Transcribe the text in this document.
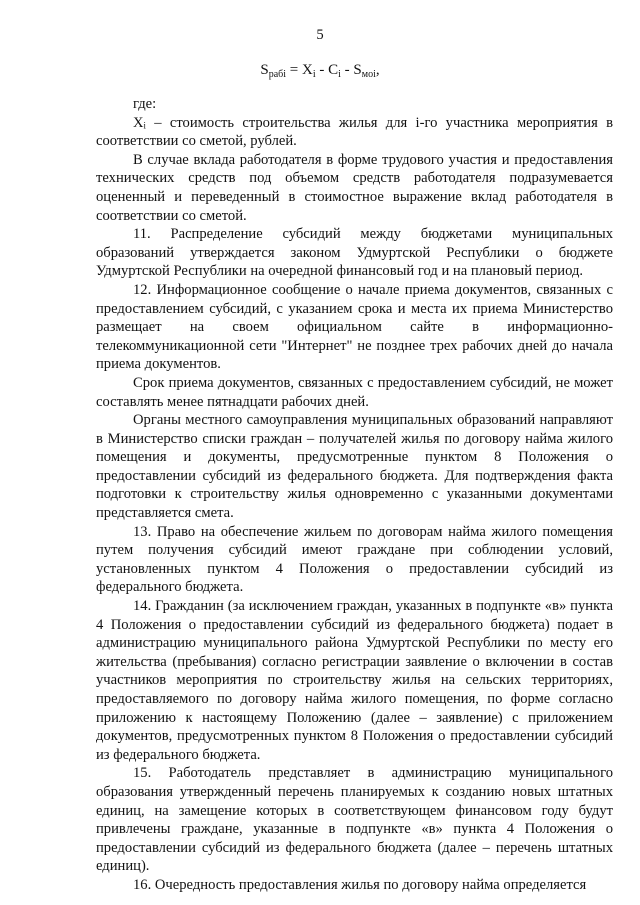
5
$S_{рабi} = X_i - C_i - S_{моi}$,

где:

Xᵢ – стоимость строительства жилья для i-го участника мероприятия в соответствии со сметой, рублей.

В случае вклада работодателя в форме трудового участия и предоставления технических средств под объемом средств работодателя подразумевается оцененный и переведенный в стоимостное выражение вклад работодателя в соответствии со сметой.

11. Распределение субсидий между бюджетами муниципальных образований утверждается законом Удмуртской Республики о бюджете Удмуртской Республики на очередной финансовый год и на плановый период.

12. Информационное сообщение о начале приема документов, связанных с предоставлением субсидий, с указанием срока и места их приема Министерство размещает на своем официальном сайте в информационно-телекоммуникационной сети "Интернет" не позднее трех рабочих дней до начала приема документов.

Срок приема документов, связанных с предоставлением субсидий, не может составлять менее пятнадцати рабочих дней.

Органы местного самоуправления муниципальных образований направляют в Министерство списки граждан – получателей жилья по договору найма жилого помещения и документы, предусмотренные пунктом 8 Положения о предоставлении субсидий из федерального бюджета. Для подтверждения факта подготовки к строительству жилья одновременно с указанными документами представляется смета.

13. Право на обеспечение жильем по договорам найма жилого помещения путем получения субсидий имеют граждане при соблюдении условий, установленных пунктом 4 Положения о предоставлении субсидий из федерального бюджета.

14. Гражданин (за исключением граждан, указанных в подпункте «в» пункта 4 Положения о предоставлении субсидий из федерального бюджета) подает в администрацию муниципального района Удмуртской Республики по месту его жительства (пребывания) согласно регистрации заявление о включении в состав участников мероприятия по строительству жилья на сельских территориях, предоставляемого по договору найма жилого помещения, по форме согласно приложению к настоящему Положению (далее – заявление) с приложением документов, предусмотренных пунктом 8 Положения о предоставлении субсидий из федерального бюджета.

15. Работодатель представляет в администрацию муниципального образования утвержденный перечень планируемых к созданию новых штатных единиц, на замещение которых в соответствующем финансовом году будут привлечены граждане, указанные в подпункте «в» пункта 4 Положения о предоставлении субсидий из федерального бюджета (далее – перечень штатных единиц).

16. Очередность предоставления жилья по договору найма определяется
